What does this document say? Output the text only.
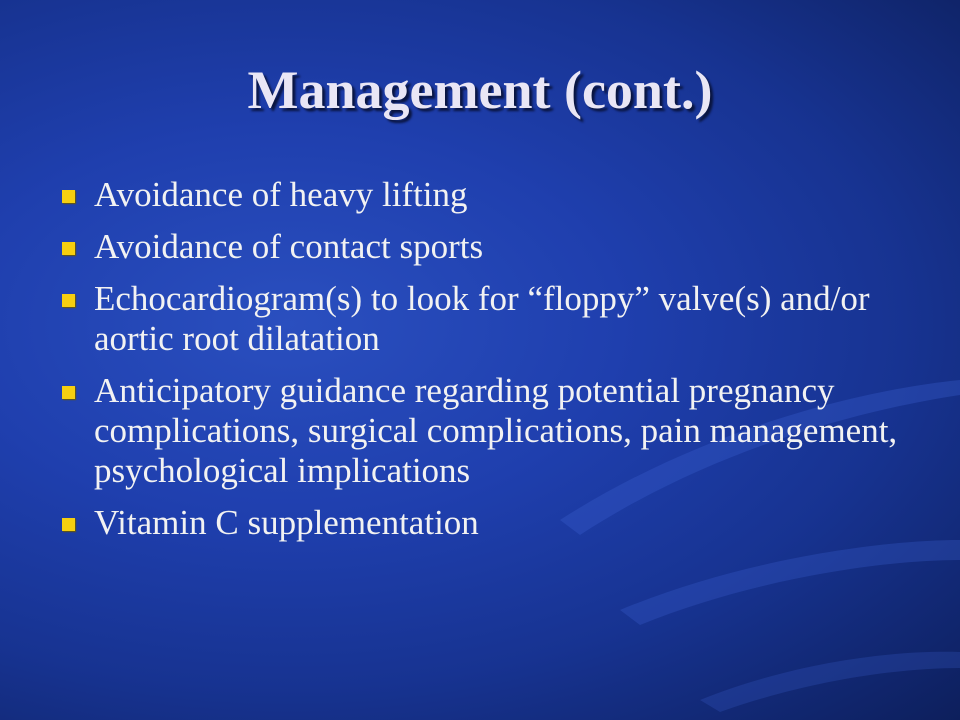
Management (cont.)
Avoidance of heavy lifting
Avoidance of contact sports
Echocardiogram(s) to look for “floppy” valve(s) and/or aortic root dilatation
Anticipatory guidance regarding potential pregnancy complications, surgical complications, pain management, psychological implications
Vitamin C supplementation
